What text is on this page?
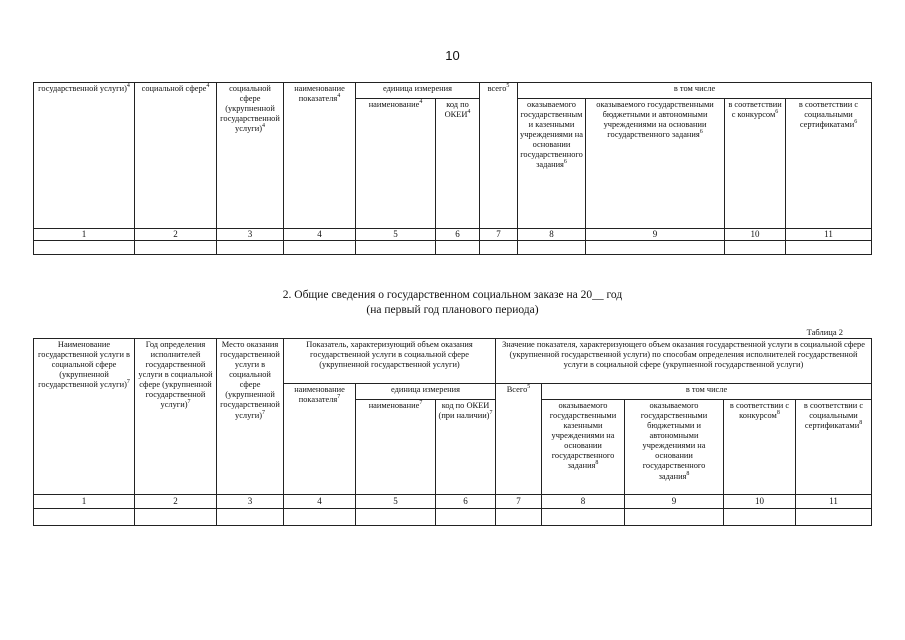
10
государственной услуги)$^4$	социальной сфере$^4$	социальной сфере (укрупненной государственной услуги)$^4$	наименование показателя$^4$	единица измерения		всего$^5$	в том числе			
				наименование$^4$	код по ОКЕИ$^4$		оказываемого государственными казенными учреждениями на основании государственного задания$^6$	оказываемого государственными бюджетными и автономными учреждениями на основании государственного задания$^6$	в соответствии с конкурсом$^6$	в соответствии с социальными сертификатами$^6$
1	2	3	4	5	6	7	8	9	10	11

2. Общие сведения о государственном социальном заказе на 20__ год
(на первый год планового периода)
Таблица 2
Наименование государственной услуги в социальной сфере (укрупненной государственной услуги)$^7$	Год определения исполнителей государственной услуги в социальной сфере (укрупненной государственной услуги)$^7$	Место оказания государственной услуги в социальной сфере (укрупненной государственной услуги)$^7$	Показатель, характеризующий объем оказания государственной услуги в социальной сфере (укрупненной государственной услуги)			Значение показателя, характеризующего объем оказания государственной услуги в социальной сфере (укрупненной государственной услуги) по способам определения исполнителей государственной услуги в социальной сфере (укрупненной государственной услуги)				
			наименование показателя$^7$	единица измерения		Всего$^5$	в том числе			
				наименование$^7$	код по ОКЕИ (при наличии)$^7$		оказываемого государственными казенными учреждениями на основании государственного задания$^8$	оказываемого государственными бюджетными и автономными учреждениями на основании государственного задания$^8$	в соответствии с конкурсом$^8$	в соответствии с социальными сертификатами$^8$
1	2	3	4	5	6	7	8	9	10	11
